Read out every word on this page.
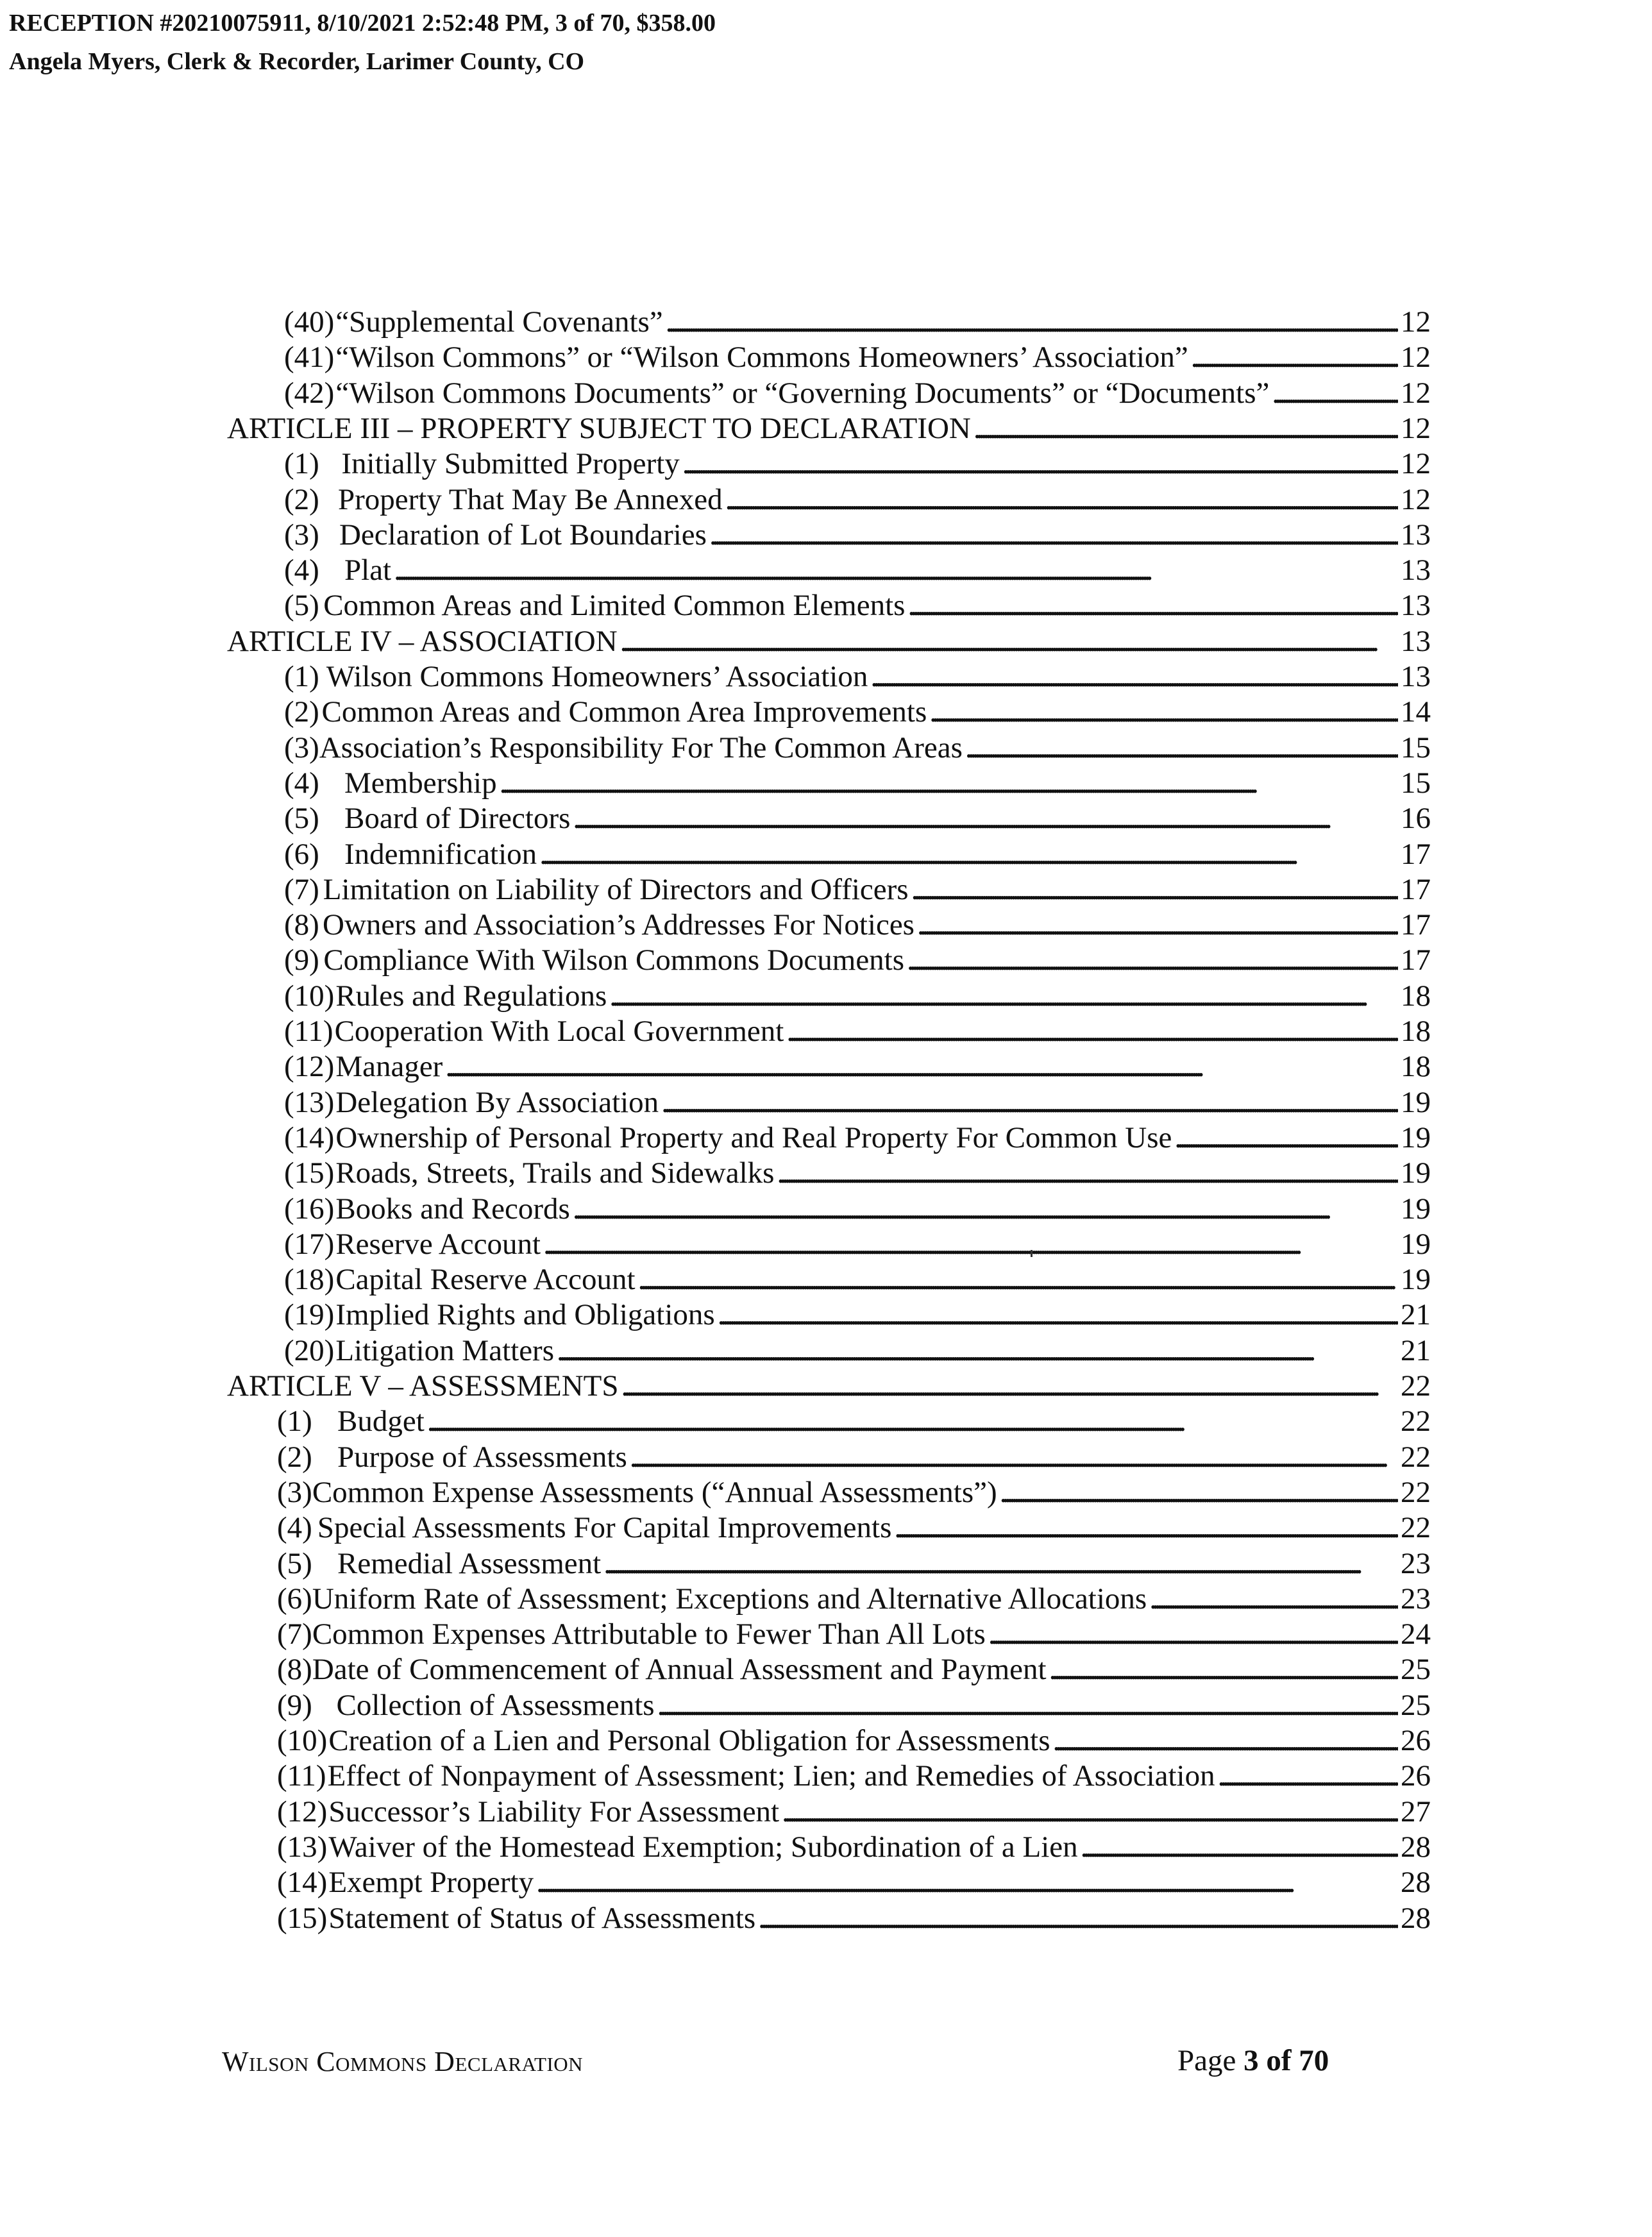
RECEPTION #20210075911, 8/10/2021 2:52:48 PM, 3 of 70, $358.00
Angela Myers, Clerk & Recorder, Larimer County, CO
(40) “Supplemental Covenants” . . .	12
(41) “Wilson Commons” or “Wilson Commons Homeowners’ Association” . . .	12
(42) “Wilson Commons Documents” or “Governing Documents” or “Documents” . . .	12
ARTICLE III – PROPERTY SUBJECT TO DECLARATION . . .	12
(1) Initially Submitted Property . . .	12
(2) Property That May Be Annexed . . .	12
(3) Declaration of Lot Boundaries . . .	13
(4) Plat . . .	13
(5) Common Areas and Limited Common Elements . . .	13
ARTICLE IV – ASSOCIATION . . .	13
(1) Wilson Commons Homeowners’ Association . . .	13
(2) Common Areas and Common Area Improvements . . .	14
(3) Association’s Responsibility For The Common Areas . . .	15
(4) Membership . . .	15
(5) Board of Directors . . .	16
(6) Indemnification . . .	17
(7) Limitation on Liability of Directors and Officers . . .	17
(8) Owners and Association’s Addresses For Notices . . .	17
(9) Compliance With Wilson Commons Documents . . .	17
(10) Rules and Regulations . . .	18
(11) Cooperation With Local Government . . .	18
(12) Manager . . .	18
(13) Delegation By Association . . .	19
(14) Ownership of Personal Property and Real Property For Common Use . . .	19
(15) Roads, Streets, Trails and Sidewalks . . .	19
(16) Books and Records . . .	19
(17) Reserve Account . . .	19
(18) Capital Reserve Account . . .	19
(19) Implied Rights and Obligations . . .	21
(20) Litigation Matters . . .	21
ARTICLE V – ASSESSMENTS . . .	22
(1) Budget . . .	22
(2) Purpose of Assessments . . .	22
(3) Common Expense Assessments (“Annual Assessments”) . . .	22
(4) Special Assessments For Capital Improvements . . .	22
(5) Remedial Assessment . . .	23
(6) Uniform Rate of Assessment; Exceptions and Alternative Allocations . . .	23
(7) Common Expenses Attributable to Fewer Than All Lots . . .	24
(8) Date of Commencement of Annual Assessment and Payment . . .	25
(9) Collection of Assessments . . .	25
(10) Creation of a Lien and Personal Obligation for Assessments . . .	26
(11) Effect of Nonpayment of Assessment; Lien; and Remedies of Association . . .	26
(12) Successor’s Liability For Assessment . . .	27
(13) Waiver of the Homestead Exemption; Subordination of a Lien . . .	28
(14) Exempt Property . . .	28
(15) Statement of Status of Assessments . . .	28
Wilson Commons Declaration	Page 3 of 70
